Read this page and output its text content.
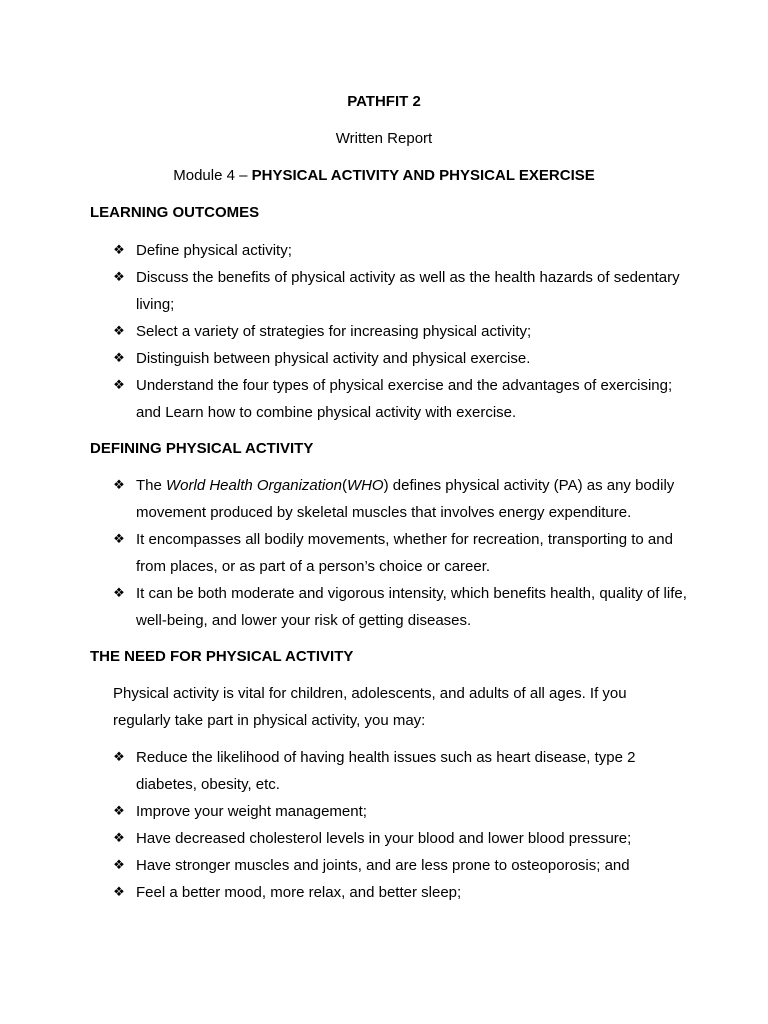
PATHFIT 2
Written Report
Module 4 – PHYSICAL ACTIVITY AND PHYSICAL EXERCISE
LEARNING OUTCOMES
❖ Define physical activity;
❖ Discuss the benefits of physical activity as well as the health hazards of sedentary living;
❖ Select a variety of strategies for increasing physical activity;
❖ Distinguish between physical activity and physical exercise.
❖ Understand the four types of physical exercise and the advantages of exercising; and Learn how to combine physical activity with exercise.
DEFINING PHYSICAL ACTIVITY
❖ The World Health Organization(WHO) defines physical activity (PA) as any bodily movement produced by skeletal muscles that involves energy expenditure.
❖ It encompasses all bodily movements, whether for recreation, transporting to and from places, or as part of a person’s choice or career.
❖ It can be both moderate and vigorous intensity, which benefits health, quality of life, well-being, and lower your risk of getting diseases.
THE NEED FOR PHYSICAL ACTIVITY
Physical activity is vital for children, adolescents, and adults of all ages. If you regularly take part in physical activity, you may:
❖ Reduce the likelihood of having health issues such as heart disease, type 2 diabetes, obesity, etc.
❖ Improve your weight management;
❖ Have decreased cholesterol levels in your blood and lower blood pressure;
❖ Have stronger muscles and joints, and are less prone to osteoporosis; and
❖ Feel a better mood, more relax, and better sleep;
